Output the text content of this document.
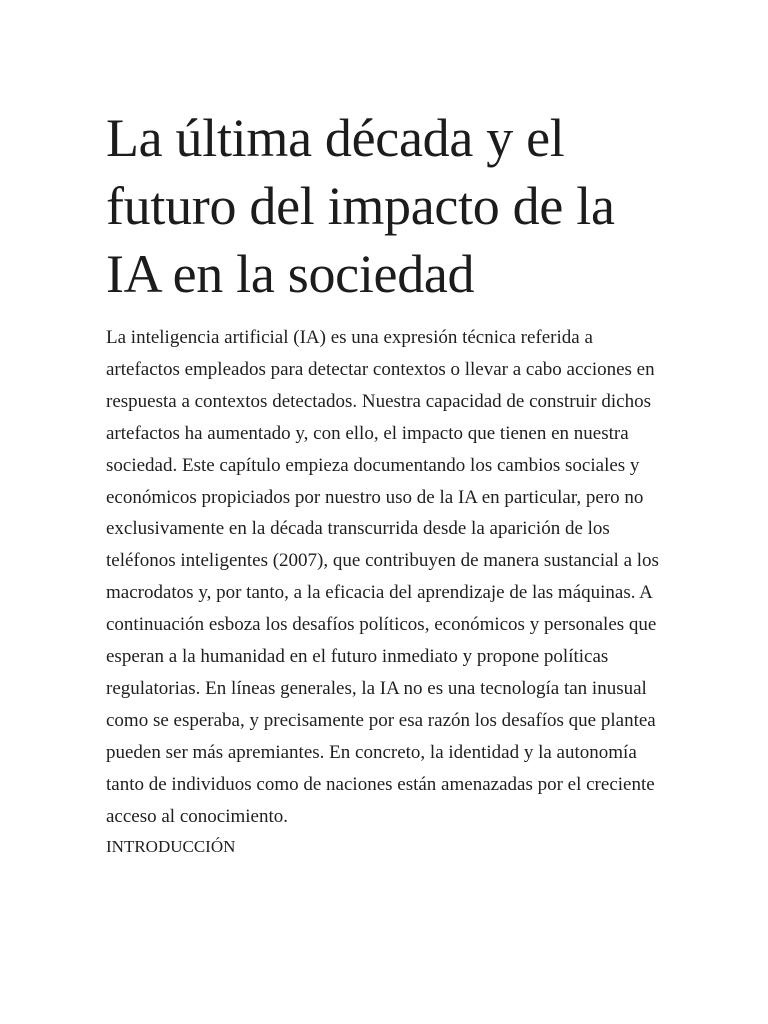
La última década y el futuro del impacto de la IA en la sociedad

La inteligencia artificial (IA) es una expresión técnica referida a artefactos empleados para detectar contextos o llevar a cabo acciones en respuesta a contextos detectados. Nuestra capacidad de construir dichos artefactos ha aumentado y, con ello, el impacto que tienen en nuestra sociedad. Este capítulo empieza documentando los cambios sociales y económicos propiciados por nuestro uso de la IA en particular, pero no exclusivamente en la década transcurrida desde la aparición de los teléfonos inteligentes (2007), que contribuyen de manera sustancial a los macrodatos y, por tanto, a la eficacia del aprendizaje de las máquinas. A continuación esboza los desafíos políticos, económicos y personales que esperan a la humanidad en el futuro inmediato y propone políticas regulatorias. En líneas generales, la IA no es una tecnología tan inusual como se esperaba, y precisamente por esa razón los desafíos que plantea pueden ser más apremiantes. En concreto, la identidad y la autonomía tanto de individuos como de naciones están amenazadas por el creciente acceso al conocimiento.

INTRODUCCIÓN
